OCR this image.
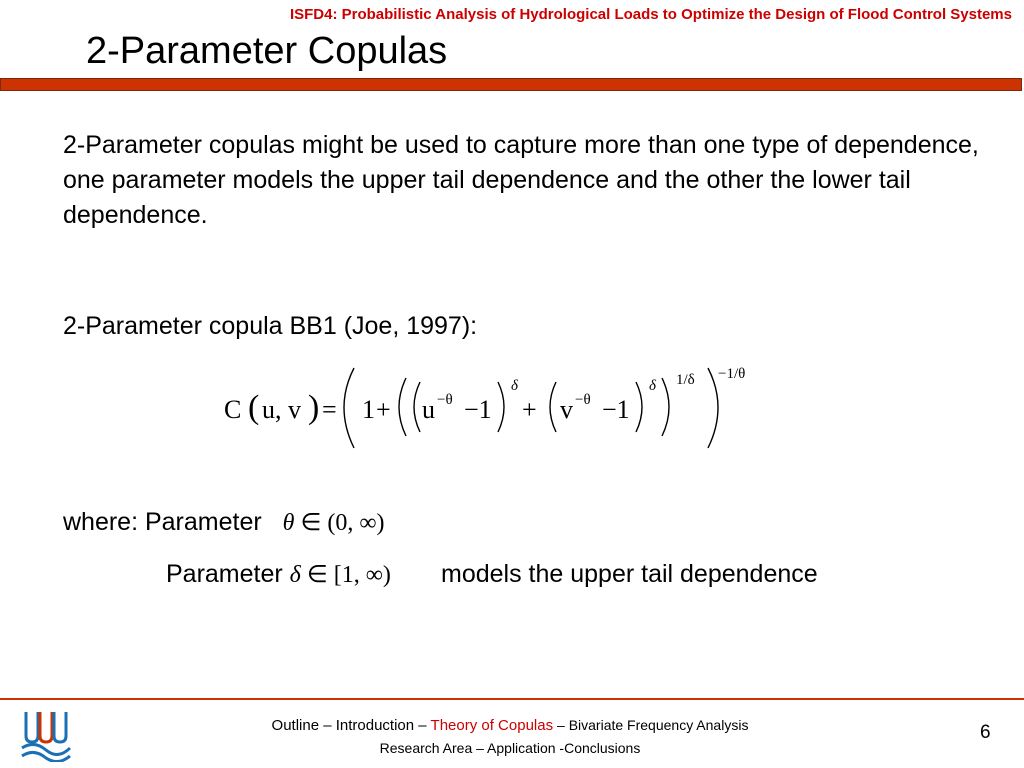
ISFD4: Probabilistic Analysis of Hydrological Loads to Optimize the Design of Flood Control Systems
2-Parameter Copulas
2-Parameter copulas might be used to capture more than one type of dependence, one parameter models the upper tail dependence and the other the lower tail dependence.
2-Parameter copula BB1 (Joe, 1997):
C ( u, v ) = 1 + u −θ −1
δ
+ v −θ −1
δ 1/δ −1/θ
where: Parameter θ ∈ (0, ∞)
Parameter δ ∈ [1, ∞) models the upper tail dependence
Outline – Introduction – Theory of Copulas – Bivariate Frequency Analysis
Research Area – Application -Conclusions
6
